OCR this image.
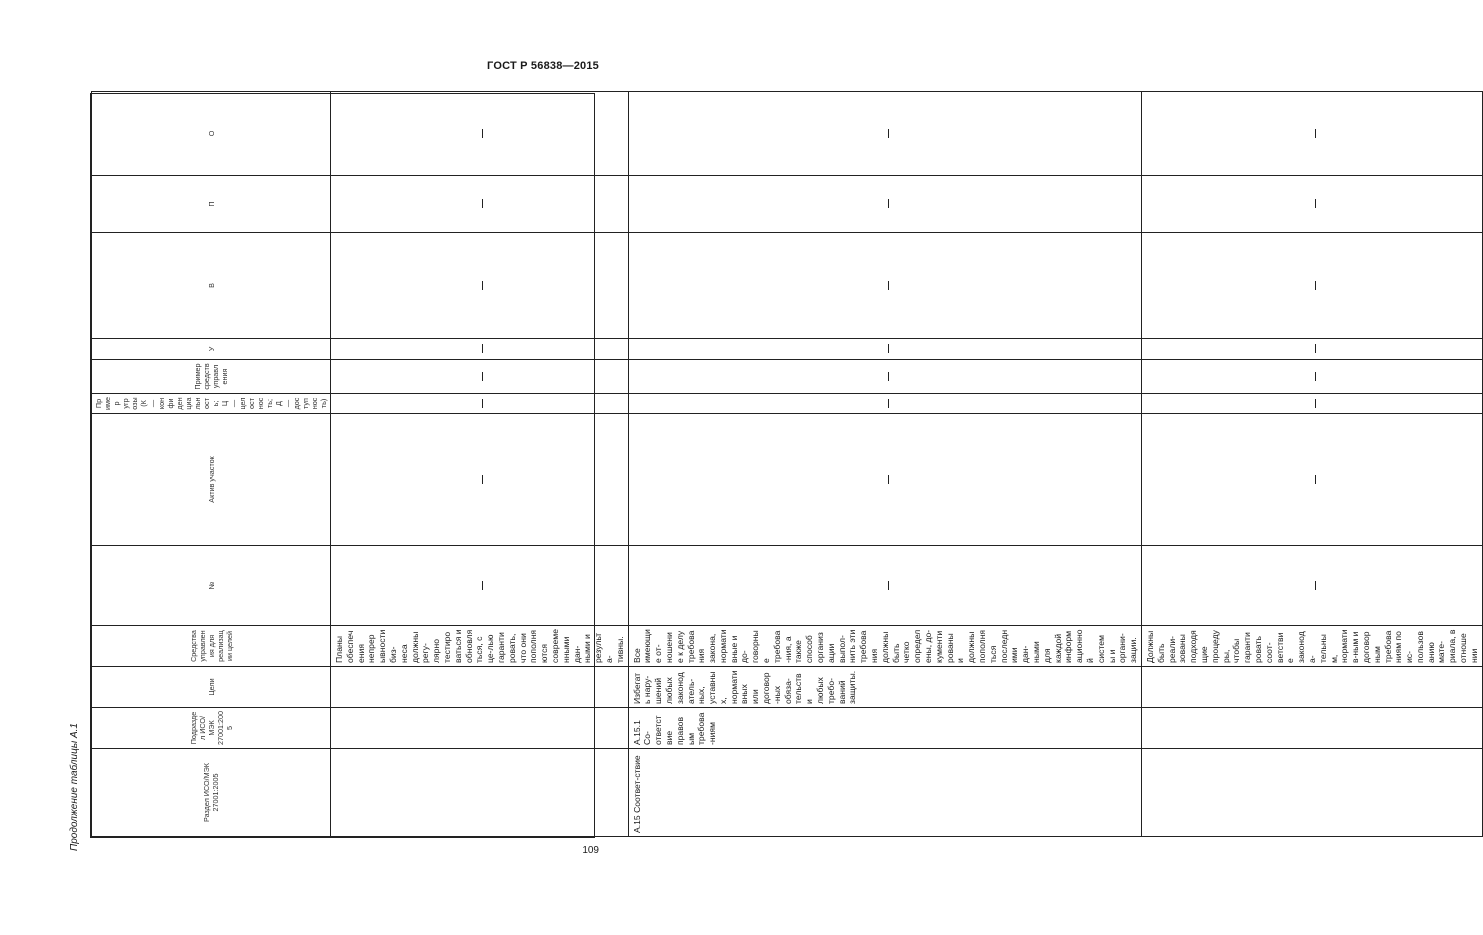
ГОСТ Р 56838—2015
Продолжение таблицы А.1	Раздел ИСО/МЭК 27001:2005	Подраздел ИСО/МЭК 27001:2005	Цели	Средства управления для реализации целей	№	Актив участок	Пример угрозы (К — конфиденциальность; Ц — целостность; Д — доступность)	Пример средств управления	У	В	П	О
			Планы обеспечения непрерывности биз-неса должны регу-лярно тестироваться и обновляться, с це-лью гарантировать, что они пополняются современными дан-ными и результа-тивны.								
А.15 Соответ-ствие	А.15.1 Со-ответствие правовым требова-ниям	Избегать нару-шений любых законодатель-ных, уставных, нормативных или договор-ных обяза-тельств и любых требо-ваний защиты.	Все имеющие от-ношение к делу требования закона, нормативные и до-говорные требова-ния, а также способ организации выпол-нить эти требования должны быть четко определены, до-кументированы и должны пополняться последними дан-ными для каждой информационной системы и органи-зации.								
			Должны быть реали-зованы подходящие процедуры, чтобы гарантировать соот-ветствие законода-тельным, норматив-ным и договорным требованиям по ис-пользованию мате-риала, в отношении								
109
